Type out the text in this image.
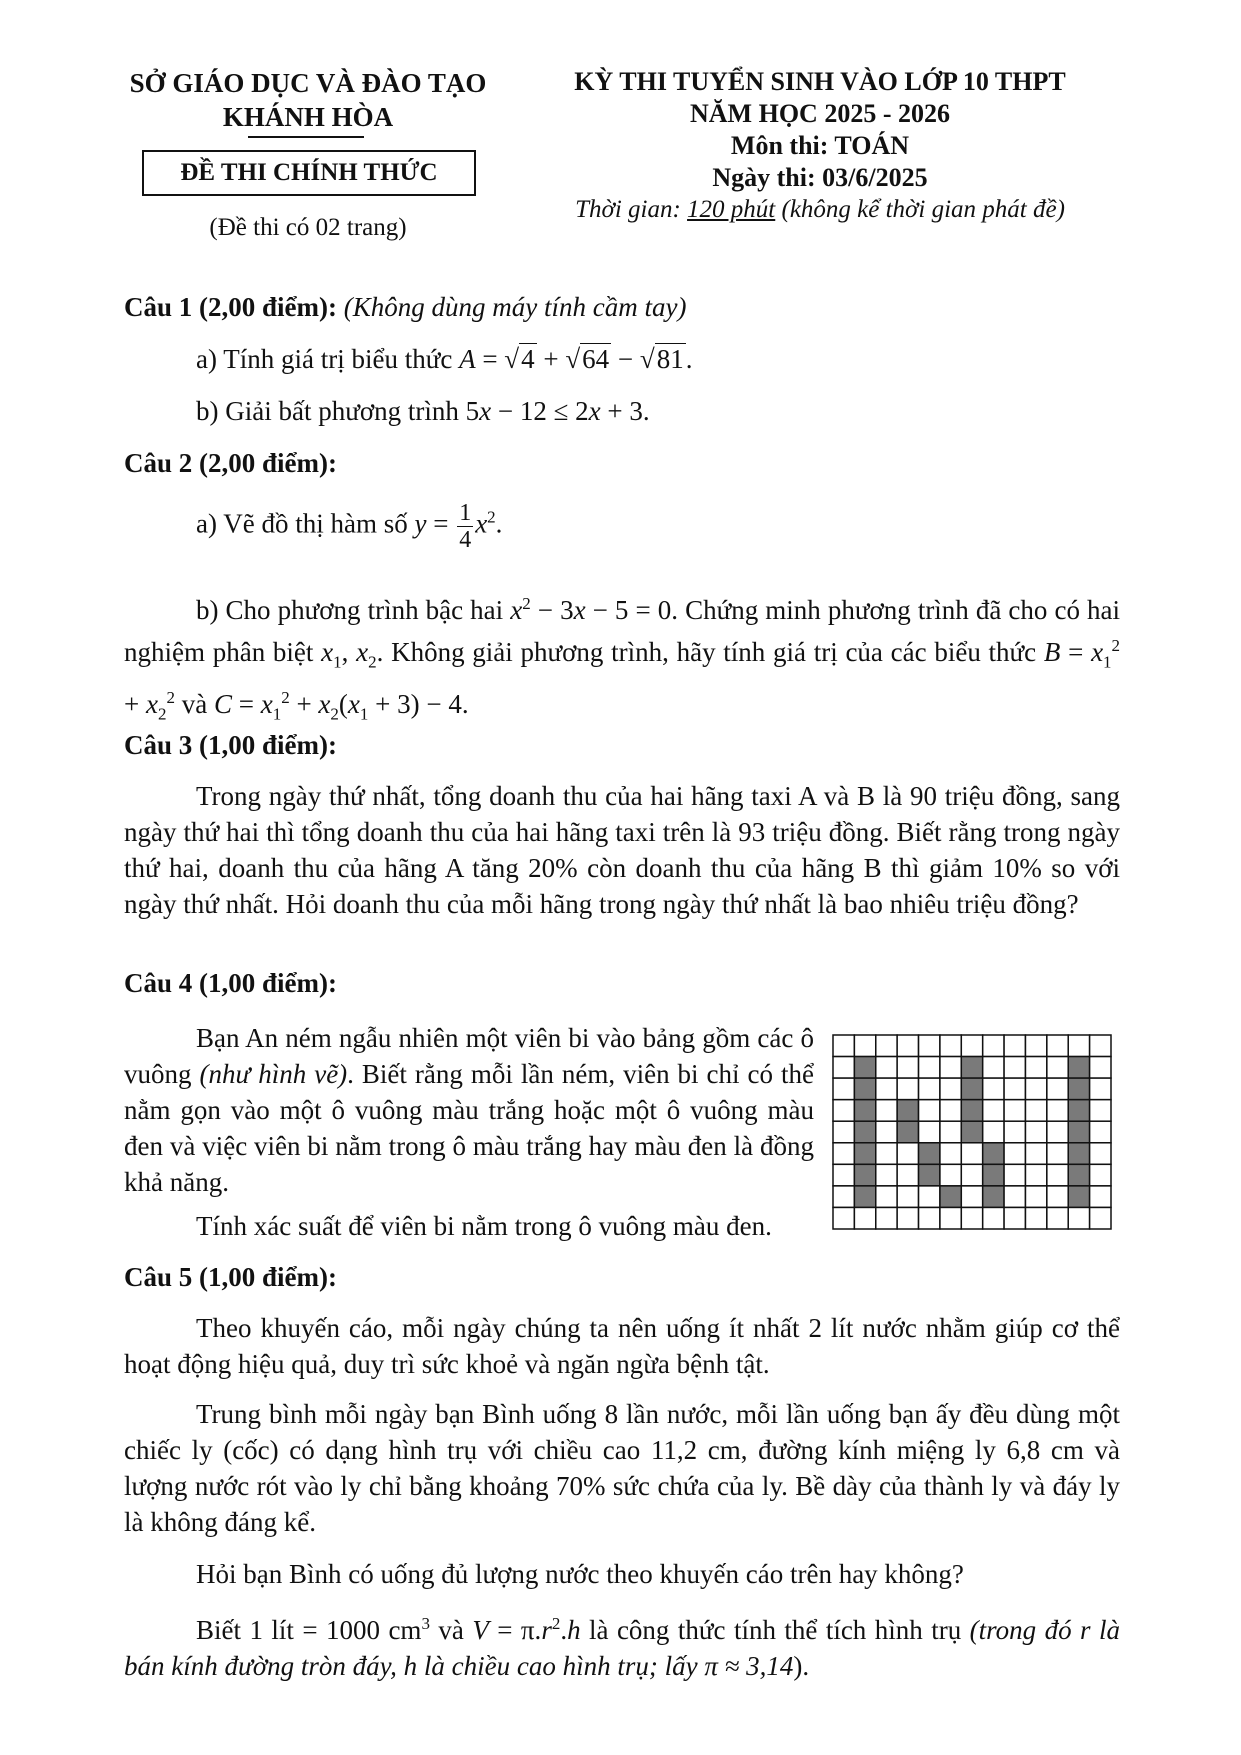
SỞ GIÁO DỤC VÀ ĐÀO TẠO
KHÁNH HÒA
ĐỀ THI CHÍNH THỨC
(Đề thi có 02 trang)
KỲ THI TUYỂN SINH VÀO LỚP 10 THPT
NĂM HỌC 2025 - 2026
Môn thi: TOÁN
Ngày thi: 03/6/2025
Thời gian: 120 phút (không kể thời gian phát đề)
Câu 1 (2,00 điểm): (Không dùng máy tính cầm tay)
a) Tính giá trị biểu thức A = √4 + √64 − √81.
b) Giải bất phương trình 5x − 12 ≤ 2x + 3.
Câu 2 (2,00 điểm):
a) Vẽ đồ thị hàm số $y = \frac{1}{4} x^2$.
b) Cho phương trình bậc hai $x^2 - 3x - 5 = 0$. Chứng minh phương trình đã cho có hai nghiệm phân biệt $x_1$, $x_2$. Không giải phương trình, hãy tính giá trị của các biểu thức $B = x_1^2 + x_2^2$ và $C = x_1^2 + x_2(x_1 + 3) - 4$.
Câu 3 (1,00 điểm):
Trong ngày thứ nhất, tổng doanh thu của hai hãng taxi A và B là 90 triệu đồng, sang ngày thứ hai thì tổng doanh thu của hai hãng taxi trên là 93 triệu đồng. Biết rằng trong ngày thứ hai, doanh thu của hãng A tăng 20% còn doanh thu của hãng B thì giảm 10% so với ngày thứ nhất. Hỏi doanh thu của mỗi hãng trong ngày thứ nhất là bao nhiêu triệu đồng?
Câu 4 (1,00 điểm):
Bạn An ném ngẫu nhiên một viên bi vào bảng gồm các ô vuông (như hình vẽ). Biết rằng mỗi lần ném, viên bi chỉ có thể nằm gọn vào một ô vuông màu trắng hoặc một ô vuông màu đen và việc viên bi nằm trong ô màu trắng hay màu đen là đồng khả năng.
Tính xác suất để viên bi nằm trong ô vuông màu đen.
Câu 5 (1,00 điểm):
Theo khuyến cáo, mỗi ngày chúng ta nên uống ít nhất 2 lít nước nhằm giúp cơ thể hoạt động hiệu quả, duy trì sức khoẻ và ngăn ngừa bệnh tật.
Trung bình mỗi ngày bạn Bình uống 8 lần nước, mỗi lần uống bạn ấy đều dùng một chiếc ly (cốc) có dạng hình trụ với chiều cao 11,2 cm, đường kính miệng ly 6,8 cm và lượng nước rót vào ly chỉ bằng khoảng 70% sức chứa của ly. Bề dày của thành ly và đáy ly là không đáng kể.
Hỏi bạn Bình có uống đủ lượng nước theo khuyến cáo trên hay không?
Biết 1 lít = 1000 $cm^3$ và $V = \pi.r^2.h$ là công thức tính thể tích hình trụ (trong đó r là bán kính đường tròn đáy, h là chiều cao hình trụ; lấy π ≈ 3,14).
